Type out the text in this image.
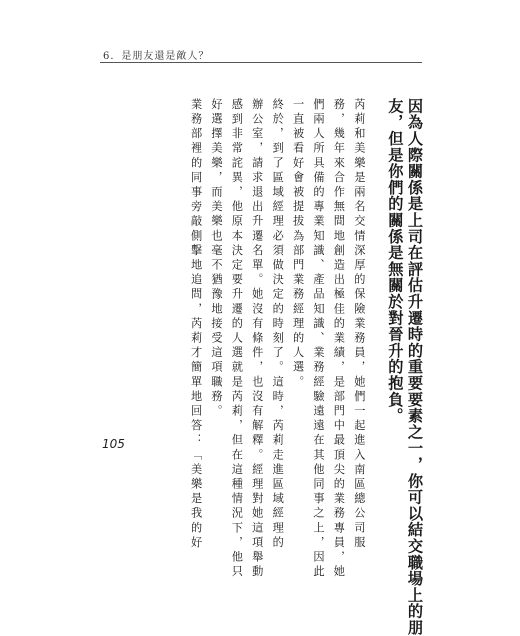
6．是朋友還是敵人？

因為人際關係是上司在評估升遷時的重要要素之一，你可以結交職場上的朋

友，但是你們的關係是無關於對晉升的抱負。

芮莉和美樂是兩名交情深厚的保險業務員，她們一起進入南區總公司服

務，幾年來合作無間地創造出極佳的業績，是部門中最頂尖的業務專員，她

們兩人所具備的專業知識、產品知識、業務經驗遠遠在其他同事之上，因此

一直被看好會被提拔為部門業務經理的人選。

終於，到了區域經理必須做決定的時刻了。這時，芮莉走進區域經理的

辦公室，請求退出升遷名單。她沒有條件，也沒有解釋。經理對她這項舉動

感到非常詫異，他原本決定要升遷的人選就是芮莉，但在這種情況下，他只

好選擇美樂，而美樂也毫不猶豫地接受這項職務。

業務部裡的同事旁敲側擊地追問，芮莉才簡單地回答：「美樂是我的好

105
